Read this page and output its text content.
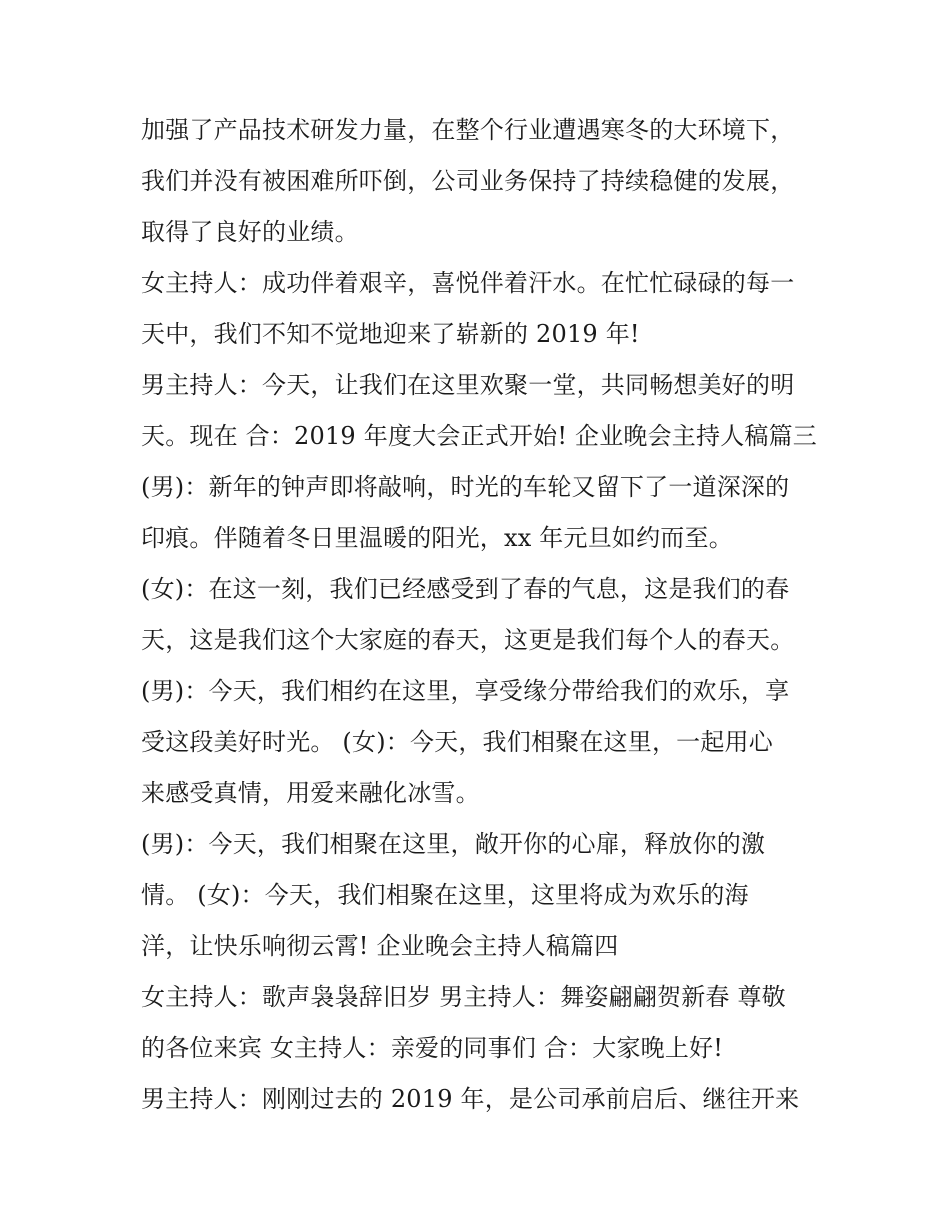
加强了产品技术研发力量，在整个行业遭遇寒冬的大环境下，
我们并没有被困难所吓倒，公司业务保持了持续稳健的发展，
取得了良好的业绩。
女主持人：成功伴着艰辛，喜悦伴着汗水。在忙忙碌碌的每一
天中，我们不知不觉地迎来了崭新的 2019 年!
男主持人：今天，让我们在这里欢聚一堂，共同畅想美好的明
天。现在 合：2019 年度大会正式开始! 企业晚会主持人稿篇三
(男)：新年的钟声即将敲响，时光的车轮又留下了一道深深的
印痕。伴随着冬日里温暖的阳光，xx 年元旦如约而至。
(女)：在这一刻，我们已经感受到了春的气息，这是我们的春
天，这是我们这个大家庭的春天，这更是我们每个人的春天。
(男)：今天，我们相约在这里，享受缘分带给我们的欢乐，享
受这段美好时光。 (女)：今天，我们相聚在这里，一起用心
来感受真情，用爱来融化冰雪。
(男)：今天，我们相聚在这里，敞开你的心扉，释放你的激
情。 (女)：今天，我们相聚在这里，这里将成为欢乐的海
洋，让快乐响彻云霄! 企业晚会主持人稿篇四
女主持人：歌声袅袅辞旧岁 男主持人：舞姿翩翩贺新春 尊敬
的各位来宾 女主持人：亲爱的同事们 合：大家晚上好!
男主持人：刚刚过去的 2019 年，是公司承前启后、继往开来
